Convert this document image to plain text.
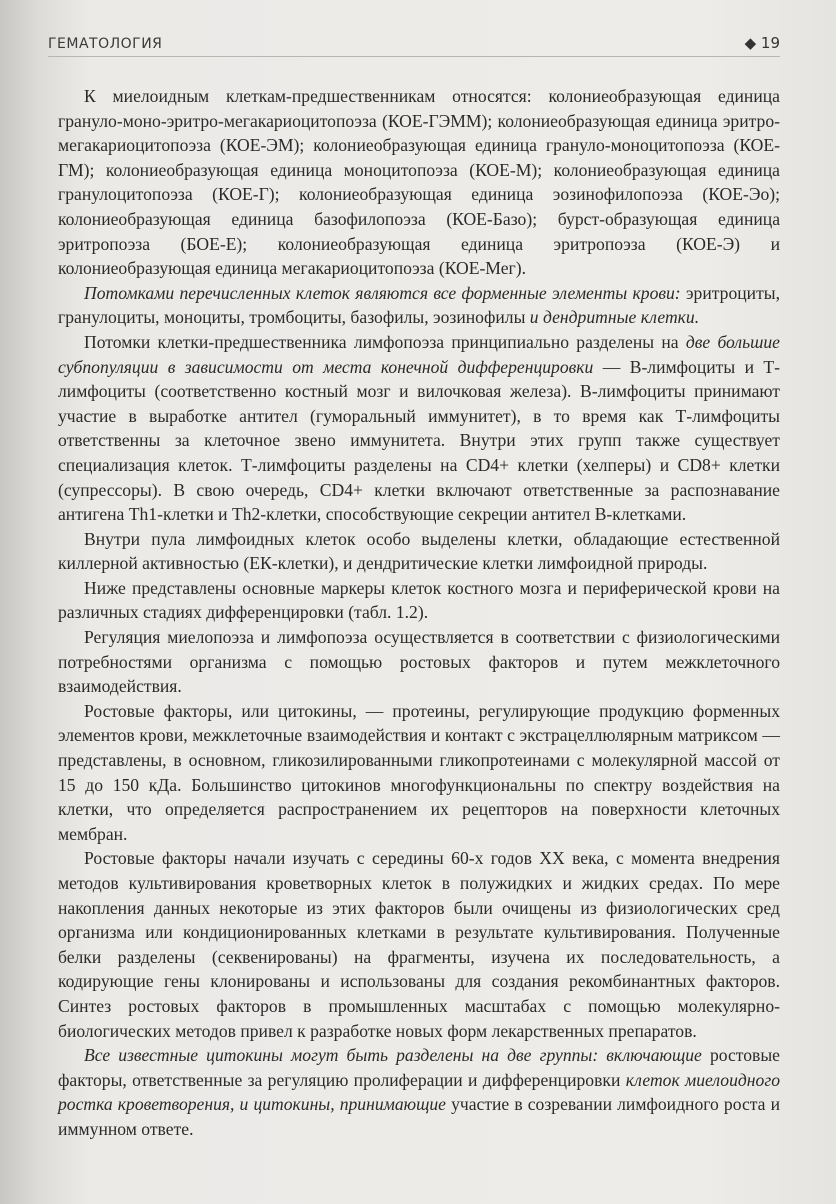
ГЕМАТОЛОГИЯ	◆ 19

К миелоидным клеткам-предшественникам относятся: колониеобразующая единица грануло-моно-эритро-мегакариоцитопоэза (КОЕ-ГЭММ); колониеобразующая единица эритро-мегакариоцитопоэза (КОЕ-ЭМ); колониеобразующая единица грануло-моноцитопоэза (КОЕ-ГМ); колониеобразующая единица моноцитопоэза (КОЕ-М); колониеобразующая единица гранулоцитопоэза (КОЕ-Г); колониеобразующая единица эозинофилопоэза (КОЕ-Эо); колониеобразующая единица базофилопоэза (КОЕ-Базо); бурст-образующая единица эритропоэза (БОЕ-Е); колониеобразующая единица эритропоэза (КОЕ-Э) и колониеобразующая единица мегакариоцитопоэза (КОЕ-Мег).

Потомками перечисленных клеток являются все форменные элементы крови: эритроциты, гранулоциты, моноциты, тромбоциты, базофилы, эозинофилы и дендритные клетки.

Потомки клетки-предшественника лимфопоэза принципиально разделены на две большие субпопуляции в зависимости от места конечной дифференцировки — В-лимфоциты и Т-лимфоциты (соответственно костный мозг и вилочковая железа). В-лимфоциты принимают участие в выработке антител (гуморальный иммунитет), в то время как Т-лимфоциты ответственны за клеточное звено иммунитета. Внутри этих групп также существует специализация клеток. Т-лимфоциты разделены на CD4+ клетки (хелперы) и CD8+ клетки (супрессоры). В свою очередь, CD4+ клетки включают ответственные за распознавание антигена Th1-клетки и Th2-клетки, способствующие секреции антител В-клетками.

Внутри пула лимфоидных клеток особо выделены клетки, обладающие естественной киллерной активностью (ЕК-клетки), и дендритические клетки лимфоидной природы.

Ниже представлены основные маркеры клеток костного мозга и периферической крови на различных стадиях дифференцировки (табл. 1.2).

Регуляция миелопоэза и лимфопоэза осуществляется в соответствии с физиологическими потребностями организма с помощью ростовых факторов и путем межклеточного взаимодействия.

Ростовые факторы, или цитокины, — протеины, регулирующие продукцию форменных элементов крови, межклеточные взаимодействия и контакт с экстрацеллюлярным матриксом — представлены, в основном, гликозилированными гликопротеинами с молекулярной массой от 15 до 150 кДа. Большинство цитокинов многофункциональны по спектру воздействия на клетки, что определяется распространением их рецепторов на поверхности клеточных мембран.

Ростовые факторы начали изучать с середины 60-х годов XX века, с момента внедрения методов культивирования кроветворных клеток в полужидких и жидких средах. По мере накопления данных некоторые из этих факторов были очищены из физиологических сред организма или кондиционированных клетками в результате культивирования. Полученные белки разделены (секвенированы) на фрагменты, изучена их последовательность, а кодирующие гены клонированы и использованы для создания рекомбинантных факторов. Синтез ростовых факторов в промышленных масштабах с помощью молекулярно-биологических методов привел к разработке новых форм лекарственных препаратов.

Все известные цитокины могут быть разделены на две группы: включающие ростовые факторы, ответственные за регуляцию пролиферации и дифференцировки клеток миелоидного ростка кроветворения, и цитокины, принимающие участие в созревании лимфоидного роста и иммунном ответе.
